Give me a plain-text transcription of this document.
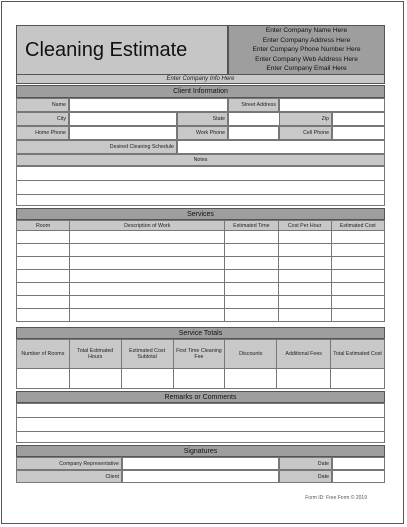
Cleaning Estimate
Enter Company Name Here
Enter Company Address Here
Enter Company Phone Number Here
Enter Company Web Address Here
Enter Company Email Here
Enter Company Info Here
Client Information
Name	Street Address
City	State	Zip
Home Phone	Work Phone	Cell Phone
Desired Cleaning Schedule
Notes
Services
Room	Description of Work	Estimated Time	Cost Per Hour	Estimated Cost

Service Totals
Number of Rooms	Total Estimated Hours	Estimated Cost Subtotal	First Time Cleaning Fee	Discounts	Additional Fees	Total Estimated Cost

Remarks or Comments
Signatures
Company Representative	Date
Client	Date
Form ID: Free Form © 2019
